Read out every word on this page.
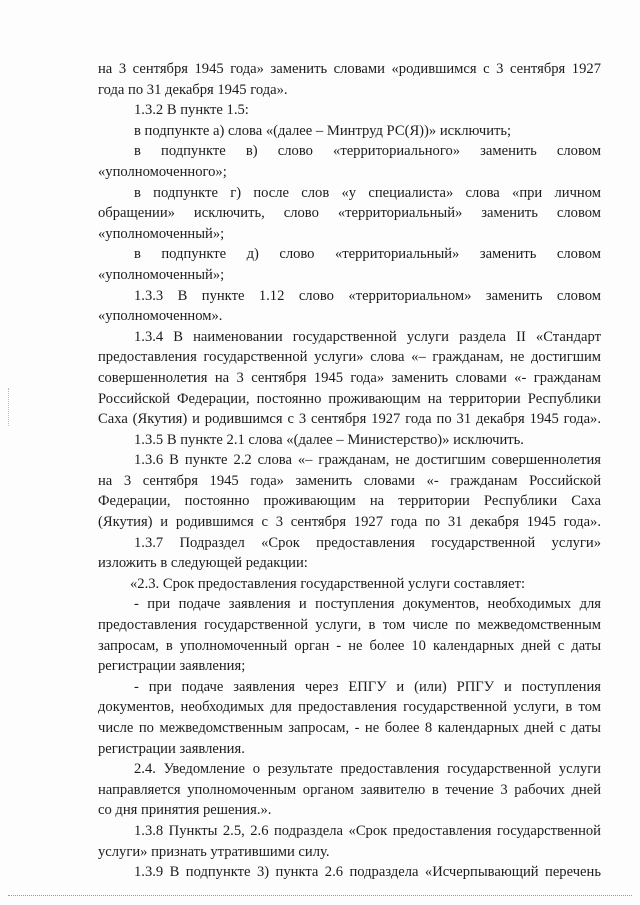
на 3 сентября 1945 года» заменить словами «родившимся с 3 сентября 1927

года по 31 декабря 1945 года».

1.3.2 В пункте 1.5:

в подпункте а) слова «(далее – Минтруд РС(Я))» исключить;

в подпункте в) слово «территориального» заменить словом

«уполномоченного»;

в подпункте г) после слов «у специалиста» слова «при личном

обращении» исключить, слово «территориальный» заменить словом

«уполномоченный»;

в подпункте д) слово «территориальный» заменить словом

«уполномоченный»;

1.3.3 В пункте 1.12 слово «территориальном» заменить словом

«уполномоченном».

1.3.4 В наименовании государственной услуги раздела II «Стандарт

предоставления государственной услуги» слова «– гражданам, не достигшим

совершеннолетия на 3 сентября 1945 года» заменить словами «- гражданам

Российской Федерации, постоянно проживающим на территории Республики

Саха (Якутия) и родившимся с 3 сентября 1927 года по 31 декабря 1945 года».

1.3.5 В пункте 2.1 слова «(далее – Министерство)» исключить.

1.3.6 В пункте 2.2 слова «– гражданам, не достигшим совершеннолетия

на 3 сентября 1945 года» заменить словами «- гражданам Российской

Федерации, постоянно проживающим на территории Республики Саха

(Якутия) и родившимся с 3 сентября 1927 года по 31 декабря 1945 года».

1.3.7 Подраздел «Срок предоставления государственной услуги»

изложить в следующей редакции:

«2.3. Срок предоставления государственной услуги составляет:

- при подаче заявления и поступления документов, необходимых для

предоставления государственной услуги, в том числе по межведомственным

запросам, в уполномоченный орган - не более 10 календарных дней с даты

регистрации заявления;

- при подаче заявления через ЕПГУ и (или) РПГУ и поступления

документов, необходимых для предоставления государственной услуги, в том

числе по межведомственным запросам, - не более 8 календарных дней с даты

регистрации заявления.

2.4. Уведомление о результате предоставления государственной услуги

направляется уполномоченным органом заявителю в течение 3 рабочих дней

со дня принятия решения.».

1.3.8 Пункты 2.5, 2.6 подраздела «Срок предоставления государственной

услуги» признать утратившими силу.

1.3.9 В подпункте 3) пункта 2.6 подраздела «Исчерпывающий перечень
